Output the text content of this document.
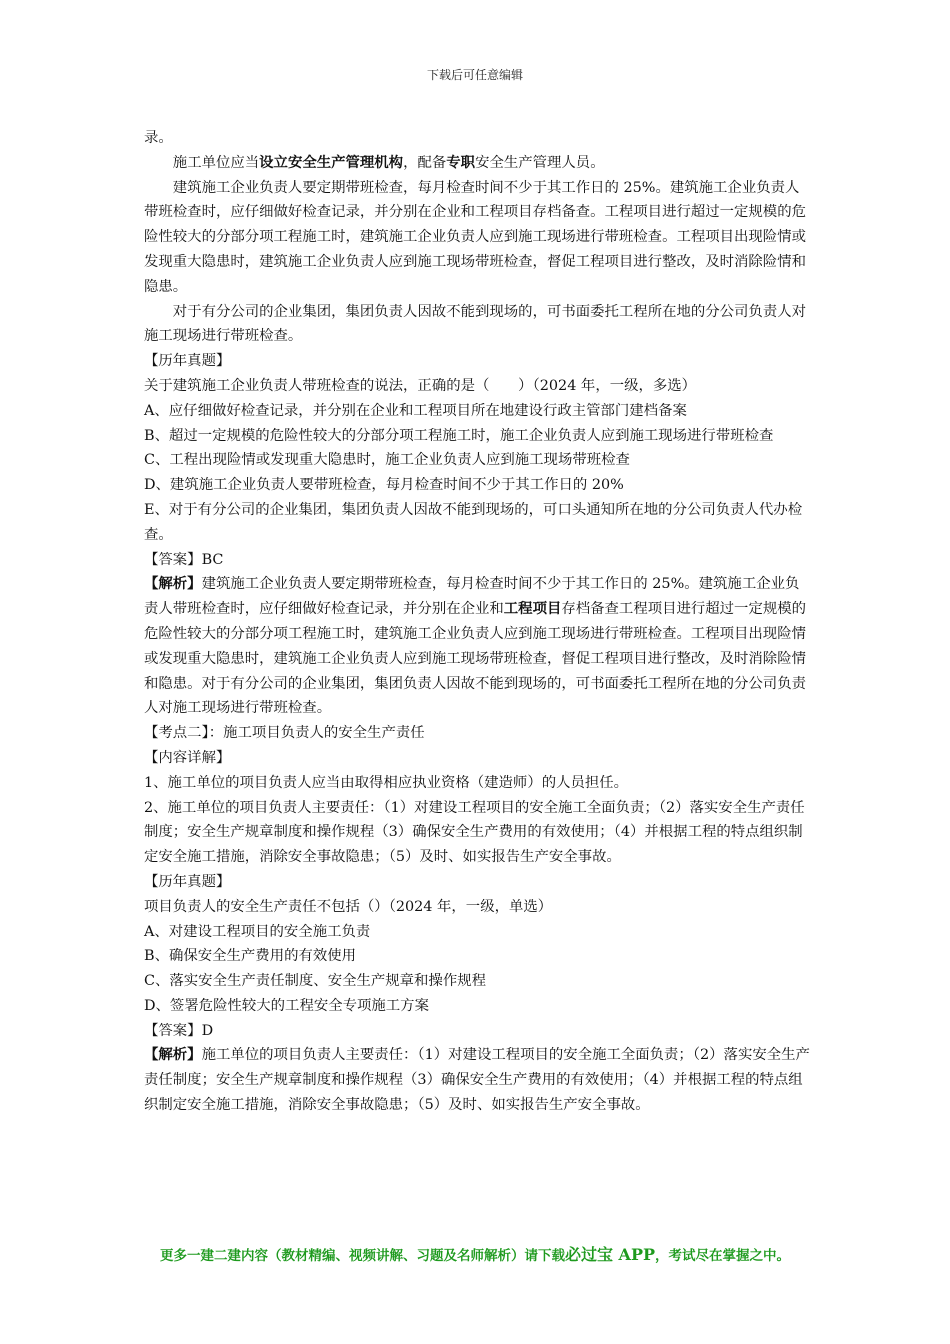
下载后可任意编辑

录。

施工单位应当设立安全生产管理机构，配备专职安全生产管理人员。

建筑施工企业负责人要定期带班检查，每月检查时间不少于其工作日的 25%。建筑施工企业负责人带班检查时，应仔细做好检查记录，并分别在企业和工程项目存档备查。工程项目进行超过一定规模的危险性较大的分部分项工程施工时，建筑施工企业负责人应到施工现场进行带班检查。工程项目出现险情或发现重大隐患时，建筑施工企业负责人应到施工现场带班检查，督促工程项目进行整改，及时消除险情和隐患。

对于有分公司的企业集团，集团负责人因故不能到现场的，可书面委托工程所在地的分公司负责人对施工现场进行带班检查。

【历年真题】

关于建筑施工企业负责人带班检查的说法，正确的是（　　）（2024 年，一级，多选）

A、应仔细做好检查记录，并分别在企业和工程项目所在地建设行政主管部门建档备案

B、超过一定规模的危险性较大的分部分项工程施工时，施工企业负责人应到施工现场进行带班检查

C、工程出现险情或发现重大隐患时，施工企业负责人应到施工现场带班检查

D、建筑施工企业负责人要带班检查，每月检查时间不少于其工作日的 20%

E、对于有分公司的企业集团，集团负责人因故不能到现场的，可口头通知所在地的分公司负责人代办检查。

【答案】BC

【解析】建筑施工企业负责人要定期带班检查，每月检查时间不少于其工作日的 25%。建筑施工企业负责人带班检查时，应仔细做好检查记录，并分别在企业和工程项目存档备查工程项目进行超过一定规模的危险性较大的分部分项工程施工时，建筑施工企业负责人应到施工现场进行带班检查。工程项目出现险情或发现重大隐患时，建筑施工企业负责人应到施工现场带班检查，督促工程项目进行整改，及时消除险情和隐患。对于有分公司的企业集团，集团负责人因故不能到现场的，可书面委托工程所在地的分公司负责人对施工现场进行带班检查。

【考点二】：施工项目负责人的安全生产责任

【内容详解】

1、施工单位的项目负责人应当由取得相应执业资格（建造师）的人员担任。

2、施工单位的项目负责人主要责任：（1）对建设工程项目的安全施工全面负责；（2）落实安全生产责任制度；安全生产规章制度和操作规程（3）确保安全生产费用的有效使用；（4）并根据工程的特点组织制定安全施工措施，消除安全事故隐患；（5）及时、如实报告生产安全事故。

【历年真题】

项目负责人的安全生产责任不包括（）（2024 年，一级，单选）

A、对建设工程项目的安全施工负责

B、确保安全生产费用的有效使用

C、落实安全生产责任制度、安全生产规章和操作规程

D、签署危险性较大的工程安全专项施工方案

【答案】D

【解析】施工单位的项目负责人主要责任：（1）对建设工程项目的安全施工全面负责；（2）落实安全生产责任制度；安全生产规章制度和操作规程（3）确保安全生产费用的有效使用；（4）并根据工程的特点组织制定安全施工措施，消除安全事故隐患；（5）及时、如实报告生产安全事故。

更多一建二建内容（教材精编、视频讲解、习题及名师解析）请下载必过宝 APP，考试尽在掌握之中。
